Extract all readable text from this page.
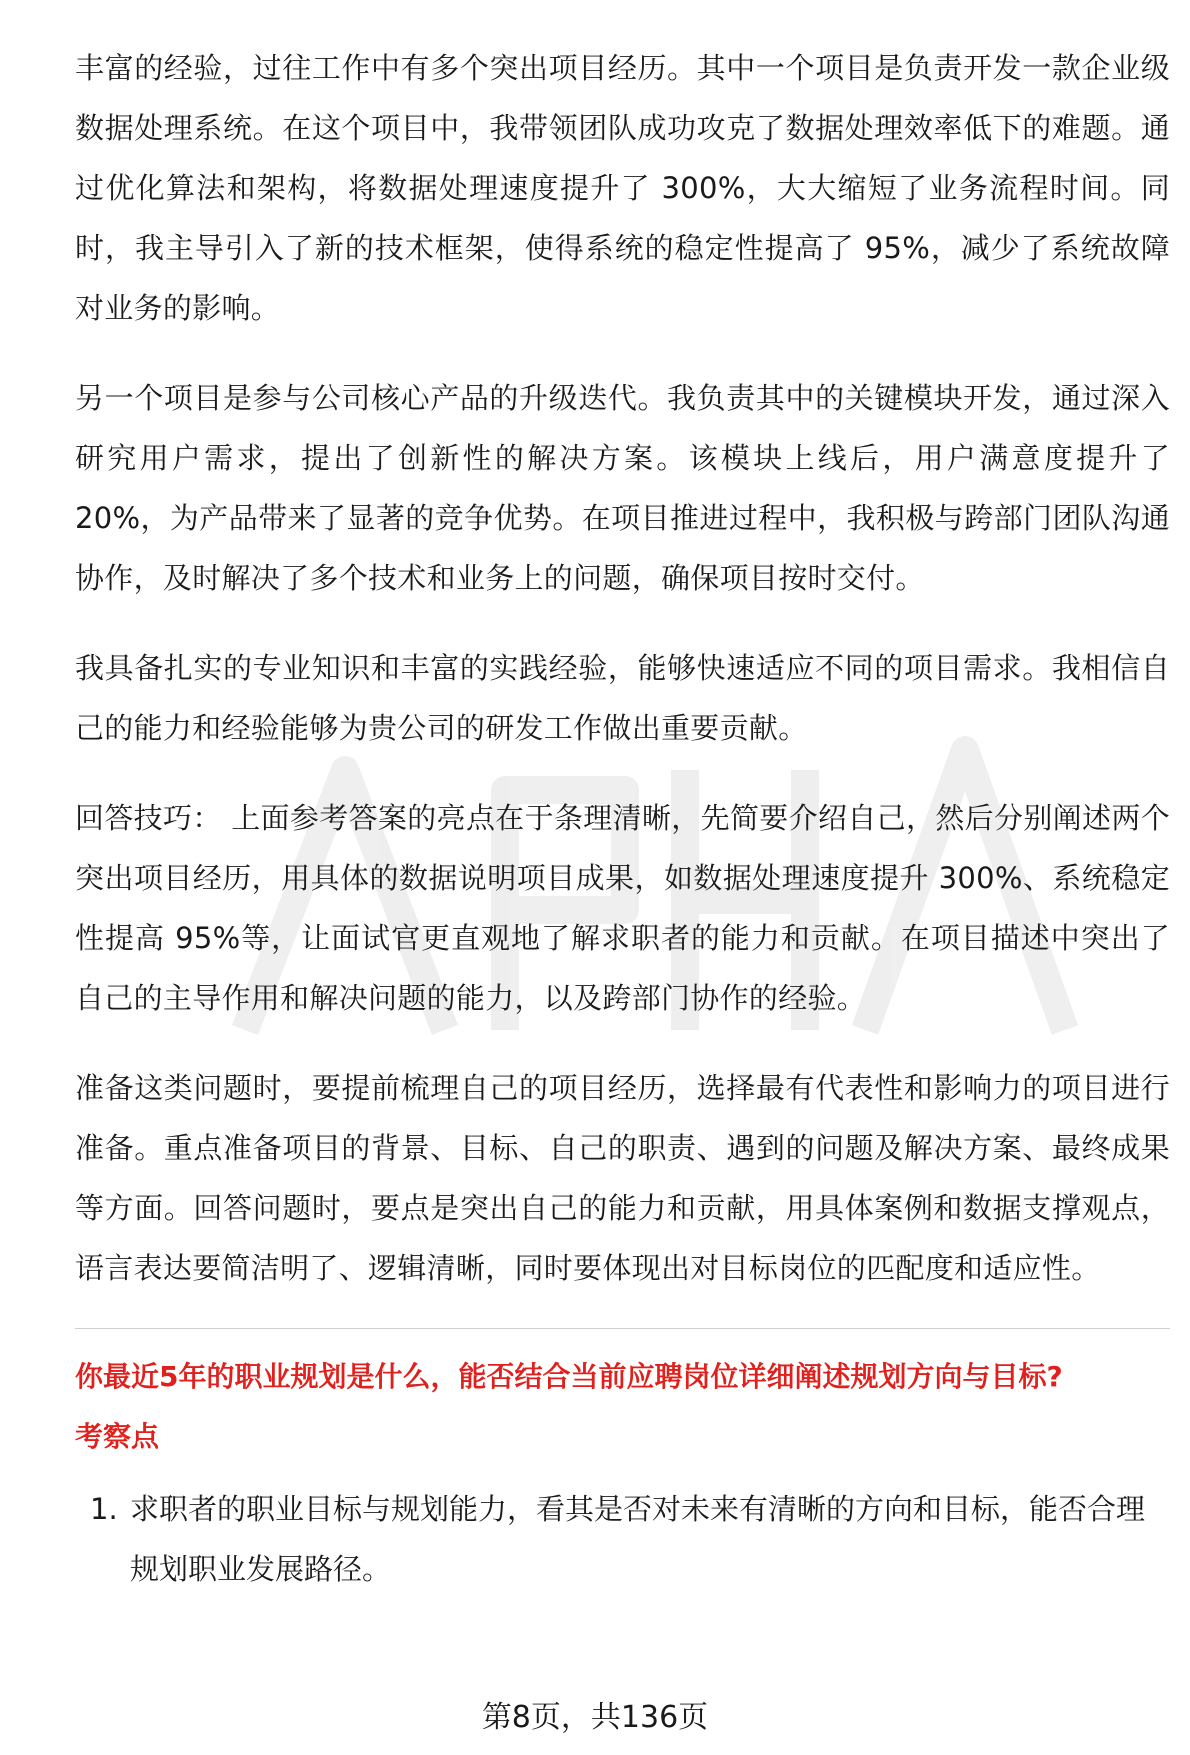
丰富的经验，过往工作中有多个突出项目经历。其中一个项目是负责开发一款企业级数据处理系统。在这个项目中，我带领团队成功攻克了数据处理效率低下的难题。通过优化算法和架构，将数据处理速度提升了 300%，大大缩短了业务流程时间。同时，我主导引入了新的技术框架，使得系统的稳定性提高了 95%，减少了系统故障对业务的影响。

另一个项目是参与公司核心产品的升级迭代。我负责其中的关键模块开发，通过深入研究用户需求，提出了创新性的解决方案。该模块上线后，用户满意度提升了 20%，为产品带来了显著的竞争优势。在项目推进过程中，我积极与跨部门团队沟通协作，及时解决了多个技术和业务上的问题，确保项目按时交付。

我具备扎实的专业知识和丰富的实践经验，能够快速适应不同的项目需求。我相信自己的能力和经验能够为贵公司的研发工作做出重要贡献。

回答技巧： 上面参考答案的亮点在于条理清晰，先简要介绍自己，然后分别阐述两个突出项目经历，用具体的数据说明项目成果，如数据处理速度提升 300%、系统稳定性提高 95%等，让面试官更直观地了解求职者的能力和贡献。在项目描述中突出了自己的主导作用和解决问题的能力，以及跨部门协作的经验。

准备这类问题时，要提前梳理自己的项目经历，选择最有代表性和影响力的项目进行准备。重点准备项目的背景、目标、自己的职责、遇到的问题及解决方案、最终成果等方面。回答问题时，要点是突出自己的能力和贡献，用具体案例和数据支撑观点，语言表达要简洁明了、逻辑清晰，同时要体现出对目标岗位的匹配度和适应性。

你最近5年的职业规划是什么，能否结合当前应聘岗位详细阐述规划方向与目标?

考察点

1. 求职者的职业目标与规划能力，看其是否对未来有清晰的方向和目标，能否合理规划职业发展路径。
第8页，共136页
